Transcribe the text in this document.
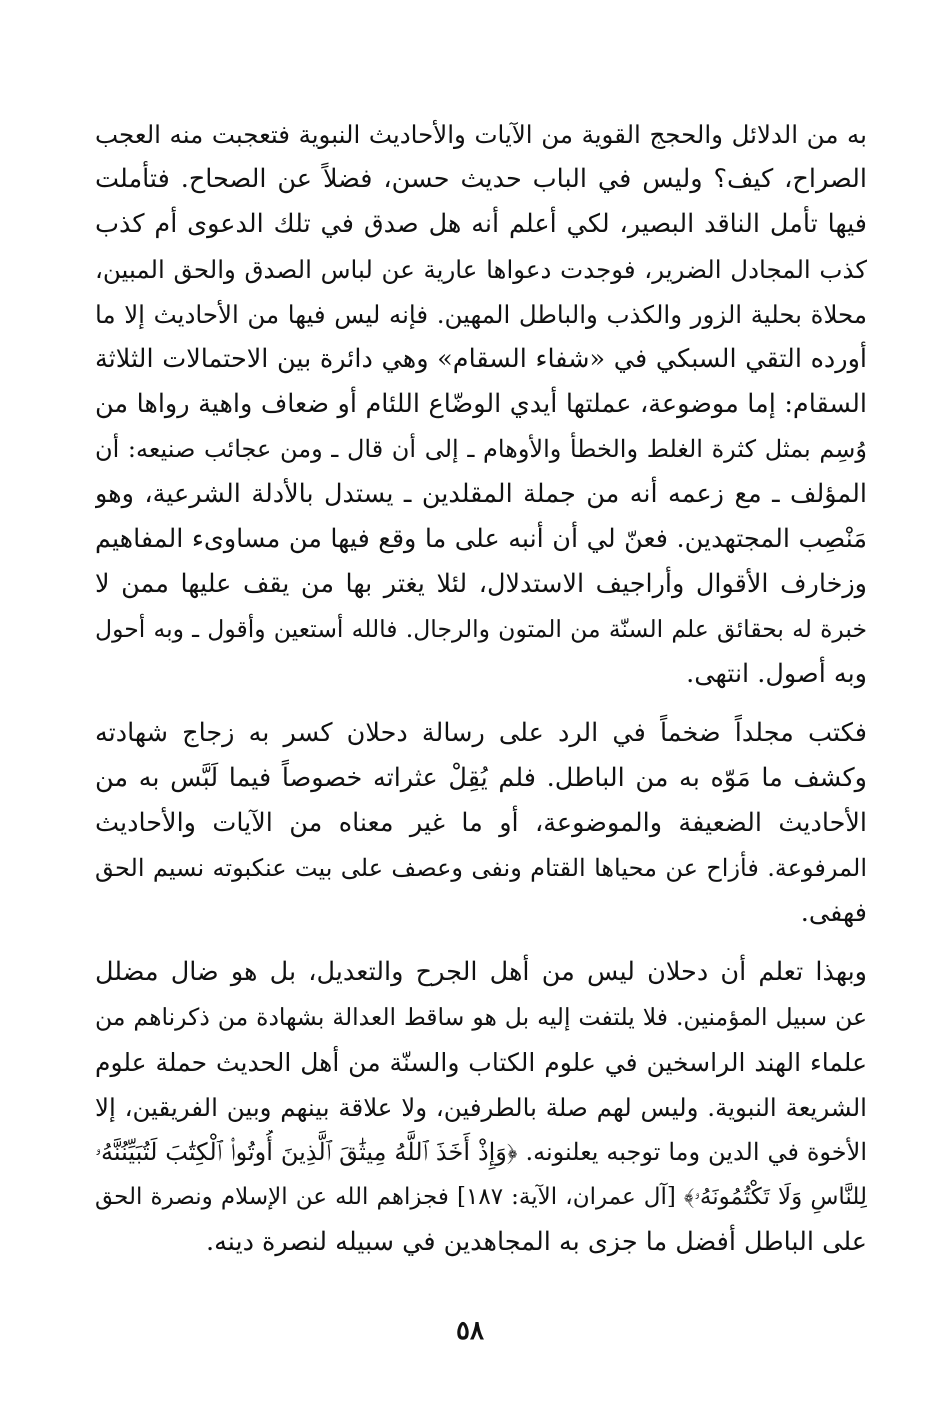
به من الدلائل والحجج القوية من الآيات والأحاديث النبوية فتعجبت منه العجب
الصراح، كيف؟ وليس في الباب حديث حسن، فضلاً عن الصحاح. فتأملت
فيها تأمل الناقد البصير، لكي أعلم أنه هل صدق في تلك الدعوى أم كذب
كذب المجادل الضرير، فوجدت دعواها عارية عن لباس الصدق والحق المبين،
محلاة بحلية الزور والكذب والباطل المهين. فإنه ليس فيها من الأحاديث إلا ما
أورده التقي السبكي في «شفاء السقام» وهي دائرة بين الاحتمالات الثلاثة
السقام: إما موضوعة، عملتها أيدي الوضّاع اللئام أو ضعاف واهية رواها من
وُسِم بمثل كثرة الغلط والخطأ والأوهام ـ إلى أن قال ـ ومن عجائب صنيعه: أن
المؤلف ـ مع زعمه أنه من جملة المقلدين ـ يستدل بالأدلة الشرعية، وهو
مَنْصِب المجتهدين. فعنّ لي أن أنبه على ما وقع فيها من مساوىء المفاهيم
وزخارف الأقوال وأراجيف الاستدلال، لئلا يغتر بها من يقف عليها ممن لا
خبرة له بحقائق علم السنّة من المتون والرجال. فالله أستعين وأقول ـ وبه أحول
وبه أصول. انتهى.
فكتب مجلداً ضخماً في الرد على رسالة دحلان كسر به زجاج شهادته
وكشف ما مَوّه به من الباطل. فلم يُقِلْ عثراته خصوصاً فيما لَبَّس به من
الأحاديث الضعيفة والموضوعة، أو ما غير معناه من الآيات والأحاديث
المرفوعة. فأزاح عن محياها القتام ونفى وعصف على بيت عنكبوته نسيم الحق
فهفى.
وبهذا تعلم أن دحلان ليس من أهل الجرح والتعديل، بل هو ضال مضلل
عن سبيل المؤمنين. فلا يلتفت إليه بل هو ساقط العدالة بشهادة من ذكرناهم من
علماء الهند الراسخين في علوم الكتاب والسنّة من أهل الحديث حملة علوم
الشريعة النبوية. وليس لهم صلة بالطرفين، ولا علاقة بينهم وبين الفريقين، إلا
الأخوة في الدين وما توجبه يعلنونه. ﴿وَإِذْ أَخَذَ ٱللَّهُ مِيثَٰقَ ٱلَّذِينَ أُوتُوا۟ ٱلْكِتَٰبَ لَتُبَيِّنُنَّهُۥ
لِلنَّاسِ وَلَا تَكْتُمُونَهُۥ﴾ [آل عمران، الآية: ١٨٧] فجزاهم الله عن الإسلام ونصرة الحق
على الباطل أفضل ما جزى به المجاهدين في سبيله لنصرة دينه.
٥٨
